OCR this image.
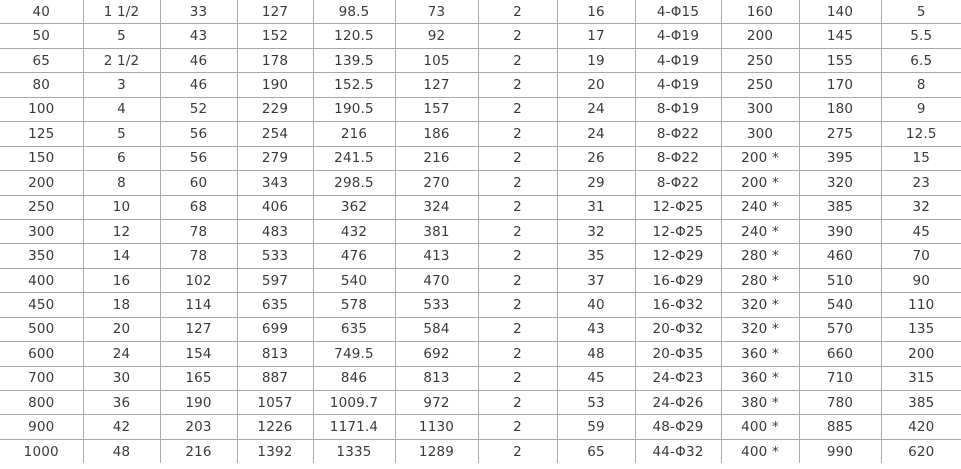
40	1 1/2	33	127	98.5	73	2	16	4-Φ15	160	140	5
50	5	43	152	120.5	92	2	17	4-Φ19	200	145	5.5
65	2 1/2	46	178	139.5	105	2	19	4-Φ19	250	155	6.5
80	3	46	190	152.5	127	2	20	4-Φ19	250	170	8
100	4	52	229	190.5	157	2	24	8-Φ19	300	180	9
125	5	56	254	216	186	2	24	8-Φ22	300	275	12.5
150	6	56	279	241.5	216	2	26	8-Φ22	200 *	395	15
200	8	60	343	298.5	270	2	29	8-Φ22	200 *	320	23
250	10	68	406	362	324	2	31	12-Φ25	240 *	385	32
300	12	78	483	432	381	2	32	12-Φ25	240 *	390	45
350	14	78	533	476	413	2	35	12-Φ29	280 *	460	70
400	16	102	597	540	470	2	37	16-Φ29	280 *	510	90
450	18	114	635	578	533	2	40	16-Φ32	320 *	540	110
500	20	127	699	635	584	2	43	20-Φ32	320 *	570	135
600	24	154	813	749.5	692	2	48	20-Φ35	360 *	660	200
700	30	165	887	846	813	2	45	24-Φ23	360 *	710	315
800	36	190	1057	1009.7	972	2	53	24-Φ26	380 *	780	385
900	42	203	1226	1171.4	1130	2	59	48-Φ29	400 *	885	420
1000	48	216	1392	1335	1289	2	65	44-Φ32	400 *	990	620
